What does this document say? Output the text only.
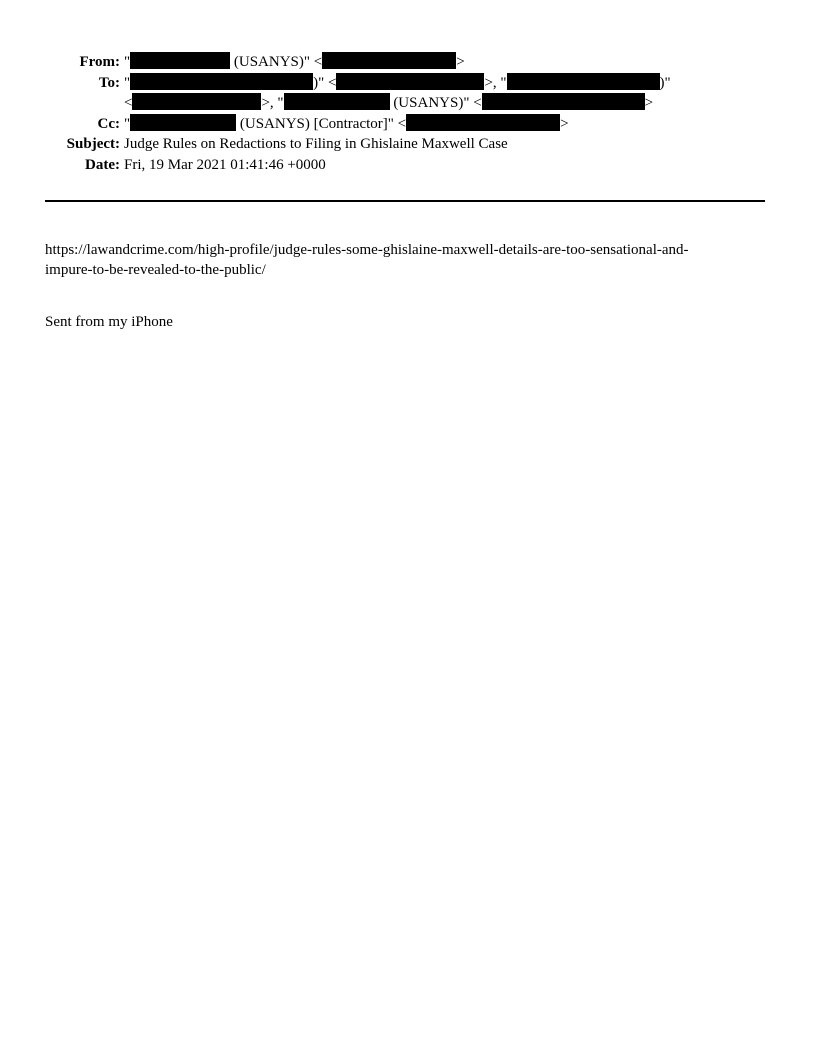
From: "	(USANYS)" <	>
To: "	)" <	>, "	)"
<	>, "	(USANYS)" <	>
Cc: "	(USANYS) [Contractor]" <	>
Subject: Judge Rules on Redactions to Filing in Ghislaine Maxwell Case
Date: Fri, 19 Mar 2021 01:41:46 +0000
https://lawandcrime.com/high-profile/judge-rules-some-ghislaine-maxwell-details-are-too-sensational-and-
impure-to-be-revealed-to-the-public/
Sent from my iPhone
